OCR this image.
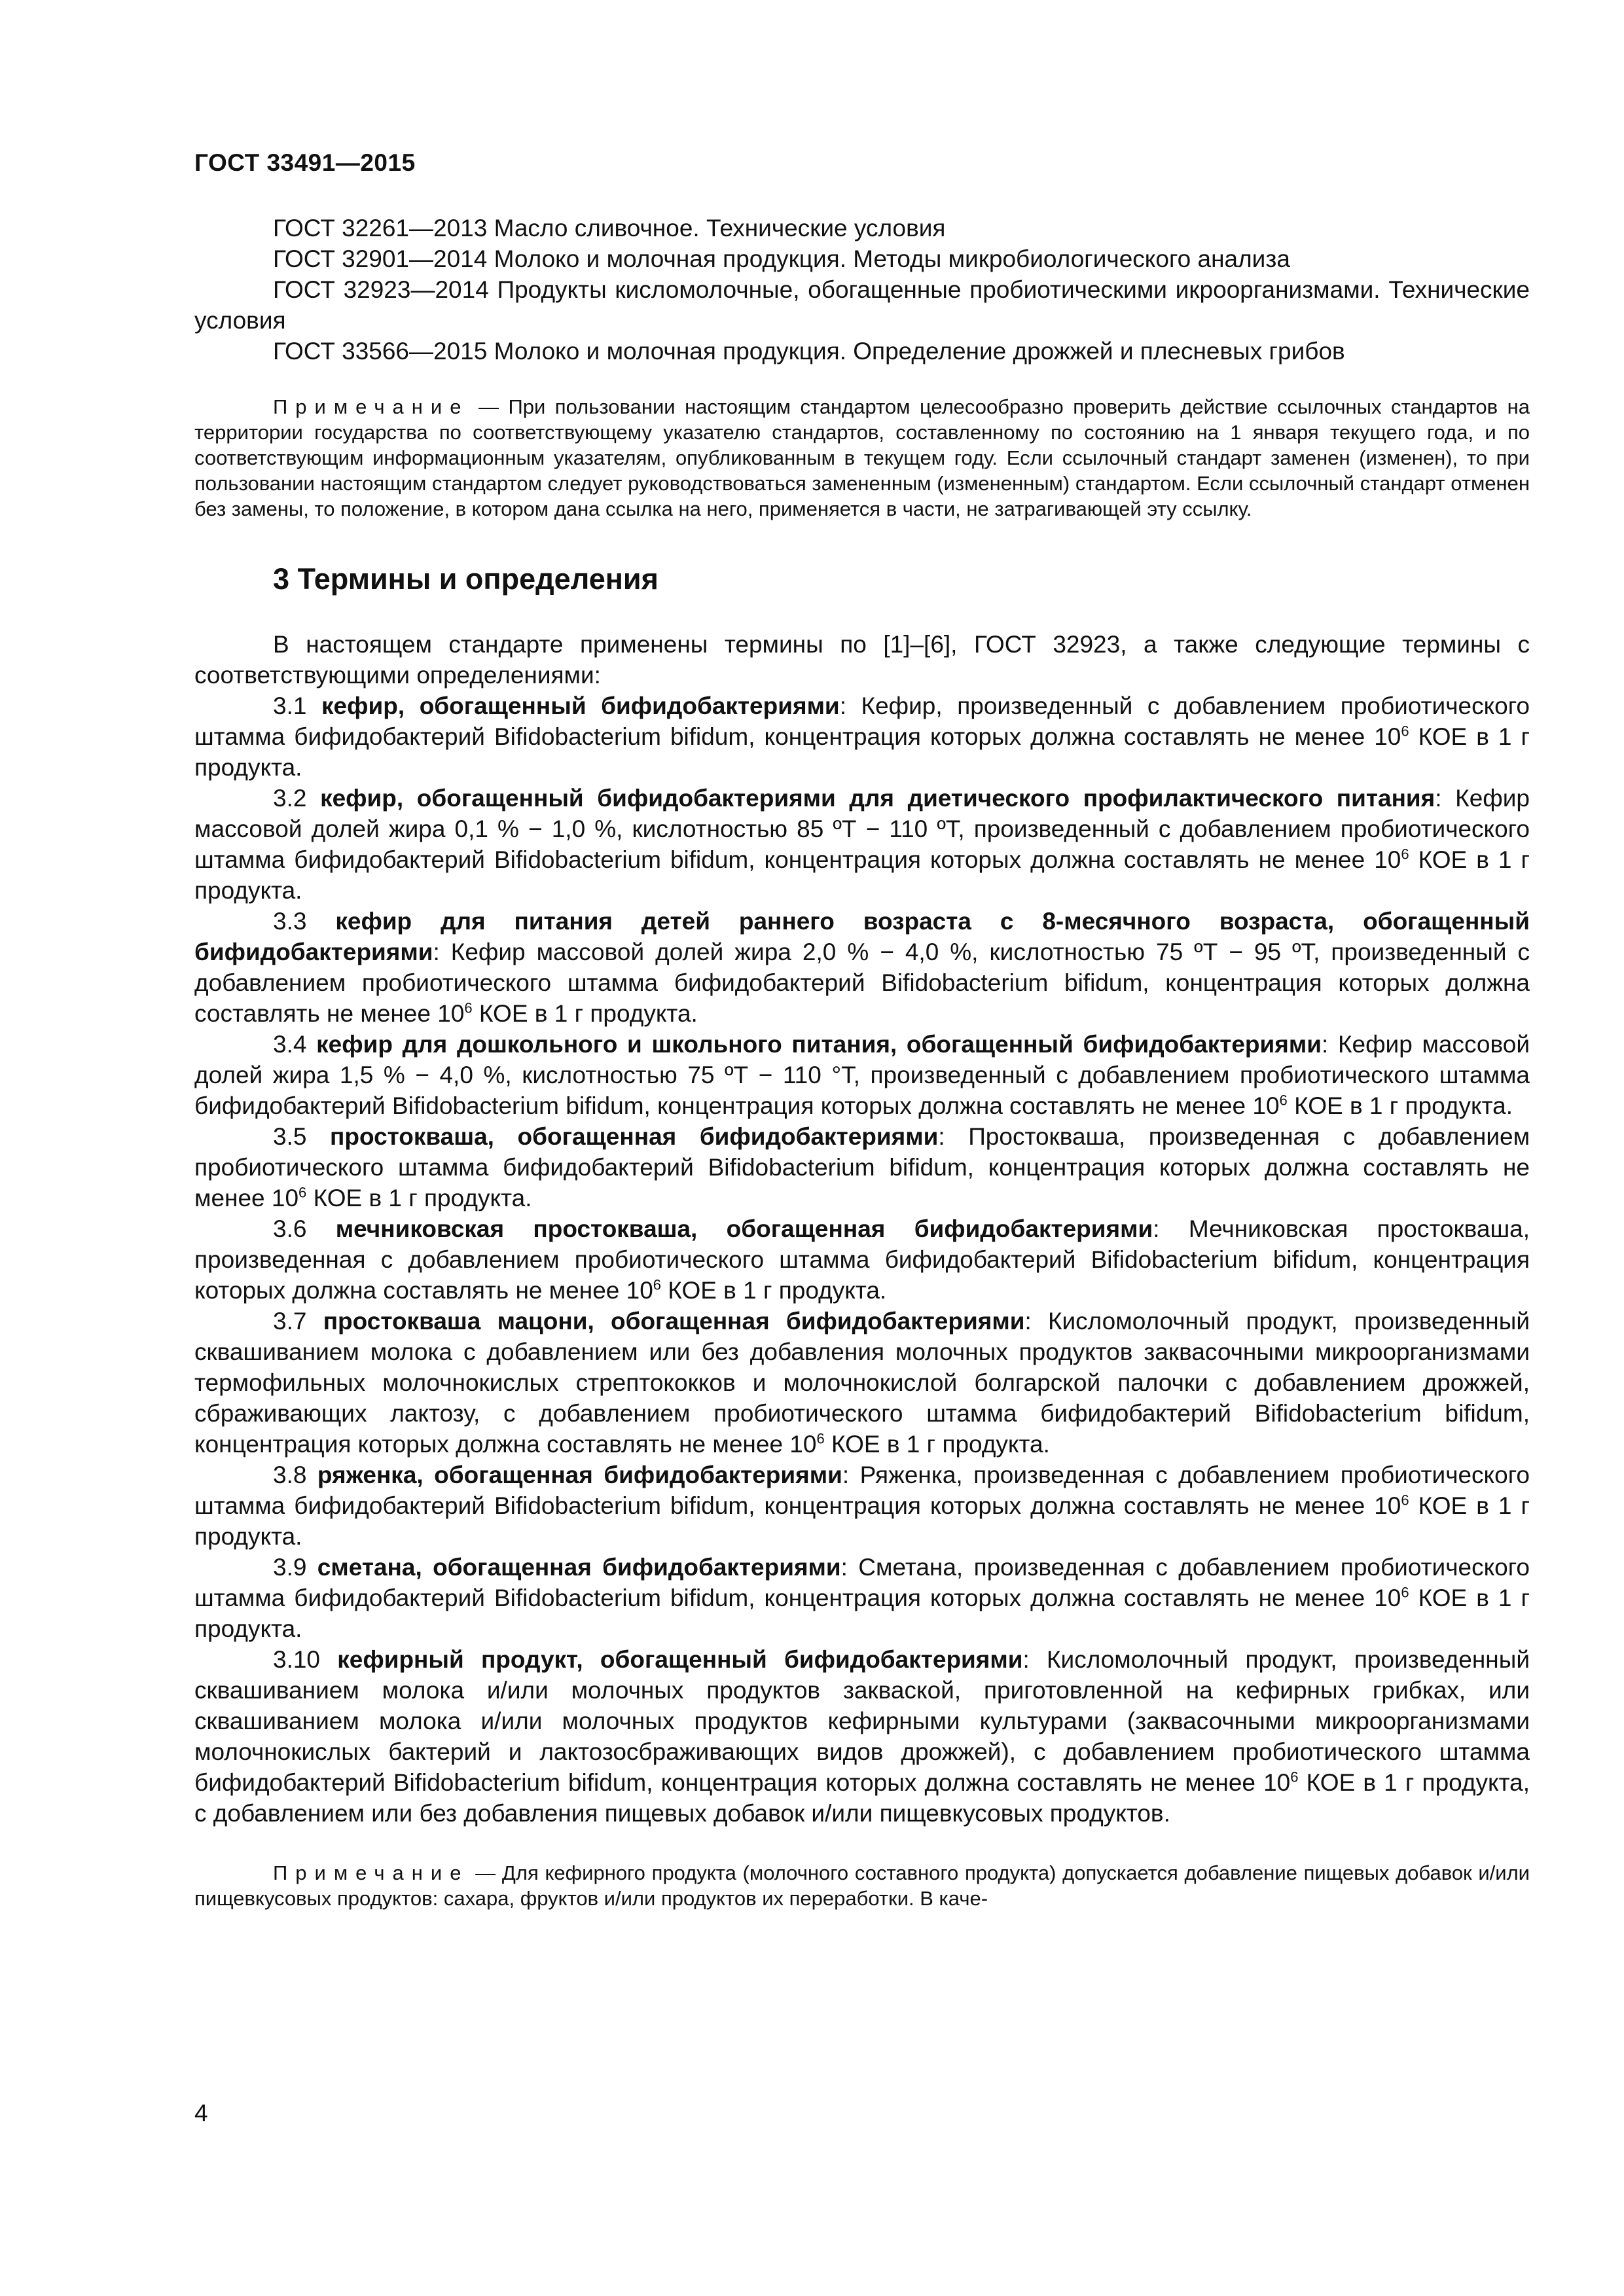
ГОСТ 33491—2015

ГОСТ 32261—2013 Масло сливочное. Технические условия

ГОСТ 32901—2014 Молоко и молочная продукция. Методы микробиологического анализа

ГОСТ 32923—2014 Продукты кисломолочные, обогащенные пробиотическими икроорганизмами. Технические условия

ГОСТ 33566—2015 Молоко и молочная продукция. Определение дрожжей и плесневых грибов

Примечание — При пользовании настоящим стандартом целесообразно проверить действие ссылочных стандартов на территории государства по соответствующему указателю стандартов, составленному по состоянию на 1 января текущего года, и по соответствующим информационным указателям, опубликованным в текущем году. Если ссылочный стандарт заменен (изменен), то при пользовании настоящим стандартом следует руководствоваться замененным (измененным) стандартом. Если ссылочный стандарт отменен без замены, то положение, в котором дана ссылка на него, применяется в части, не затрагивающей эту ссылку.

3 Термины и определения

В настоящем стандарте применены термины по [1]–[6], ГОСТ 32923, а также следующие термины с соответствующими определениями:

3.1 кефир, обогащенный бифидобактериями: Кефир, произведенный с добавлением пробиотического штамма бифидобактерий Bifidobacterium bifidum, концентрация которых должна составлять не менее $10^6$ КОЕ в 1 г продукта.

3.2 кефир, обогащенный бифидобактериями для диетического профилактического питания: Кефир массовой долей жира 0,1 % − 1,0 %, кислотностью 85 ºТ − 110 ºТ, произведенный с добавлением пробиотического штамма бифидобактерий Bifidobacterium bifidum, концентрация которых должна составлять не менее $10^6$ КОЕ в 1 г продукта.

3.3 кефир для питания детей раннего возраста с 8-месячного возраста, обогащенный бифидобактериями: Кефир массовой долей жира 2,0 % − 4,0 %, кислотностью 75 ºТ − 95 ºТ, произведенный с добавлением пробиотического штамма бифидобактерий Bifidobacterium bifidum, концентрация которых должна составлять не менее $10^6$ КОЕ в 1 г продукта.

3.4 кефир для дошкольного и школьного питания, обогащенный бифидобактериями: Кефир массовой долей жира 1,5 % − 4,0 %, кислотностью 75 ºТ − 110 °Т, произведенный с добавлением пробиотического штамма бифидобактерий Bifidobacterium bifidum, концентрация которых должна составлять не менее $10^6$ КОЕ в 1 г продукта.

3.5 простокваша, обогащенная бифидобактериями: Простокваша, произведенная с добавлением пробиотического штамма бифидобактерий Bifidobacterium bifidum, концентрация которых должна составлять не менее $10^6$ КОЕ в 1 г продукта.

3.6 мечниковская простокваша, обогащенная бифидобактериями: Мечниковская простокваша, произведенная с добавлением пробиотического штамма бифидобактерий Bifidobacterium bifidum, концентрация которых должна составлять не менее $10^6$ КОЕ в 1 г продукта.

3.7 простокваша мацони, обогащенная бифидобактериями: Кисломолочный продукт, произведенный сквашиванием молока с добавлением или без добавления молочных продуктов заквасочными микроорганизмами термофильных молочнокислых стрептококков и молочнокислой болгарской палочки с добавлением дрожжей, сбраживающих лактозу, с добавлением пробиотического штамма бифидобактерий Bifidobacterium bifidum, концентрация которых должна составлять не менее $10^6$ КОЕ в 1 г продукта.

3.8 ряженка, обогащенная бифидобактериями: Ряженка, произведенная с добавлением пробиотического штамма бифидобактерий Bifidobacterium bifidum, концентрация которых должна составлять не менее $10^6$ КОЕ в 1 г продукта.

3.9 сметана, обогащенная бифидобактериями: Сметана, произведенная с добавлением пробиотического штамма бифидобактерий Bifidobacterium bifidum, концентрация которых должна составлять не менее $10^6$ КОЕ в 1 г продукта.

3.10 кефирный продукт, обогащенный бифидобактериями: Кисломолочный продукт, произведенный сквашиванием молока и/или молочных продуктов закваской, приготовленной на кефирных грибках, или сквашиванием молока и/или молочных продуктов кефирными культурами (заквасочными микроорганизмами молочнокислых бактерий и лактозосбраживающих видов дрожжей), с добавлением пробиотического штамма бифидобактерий Bifidobacterium bifidum, концентрация которых должна составлять не менее $10^6$ КОЕ в 1 г продукта, с добавлением или без добавления пищевых добавок и/или пищевкусовых продуктов.

Примечание — Для кефирного продукта (молочного составного продукта) допускается добавление пищевых добавок и/или пищевкусовых продуктов: сахара, фруктов и/или продуктов их переработки. В каче-

4
